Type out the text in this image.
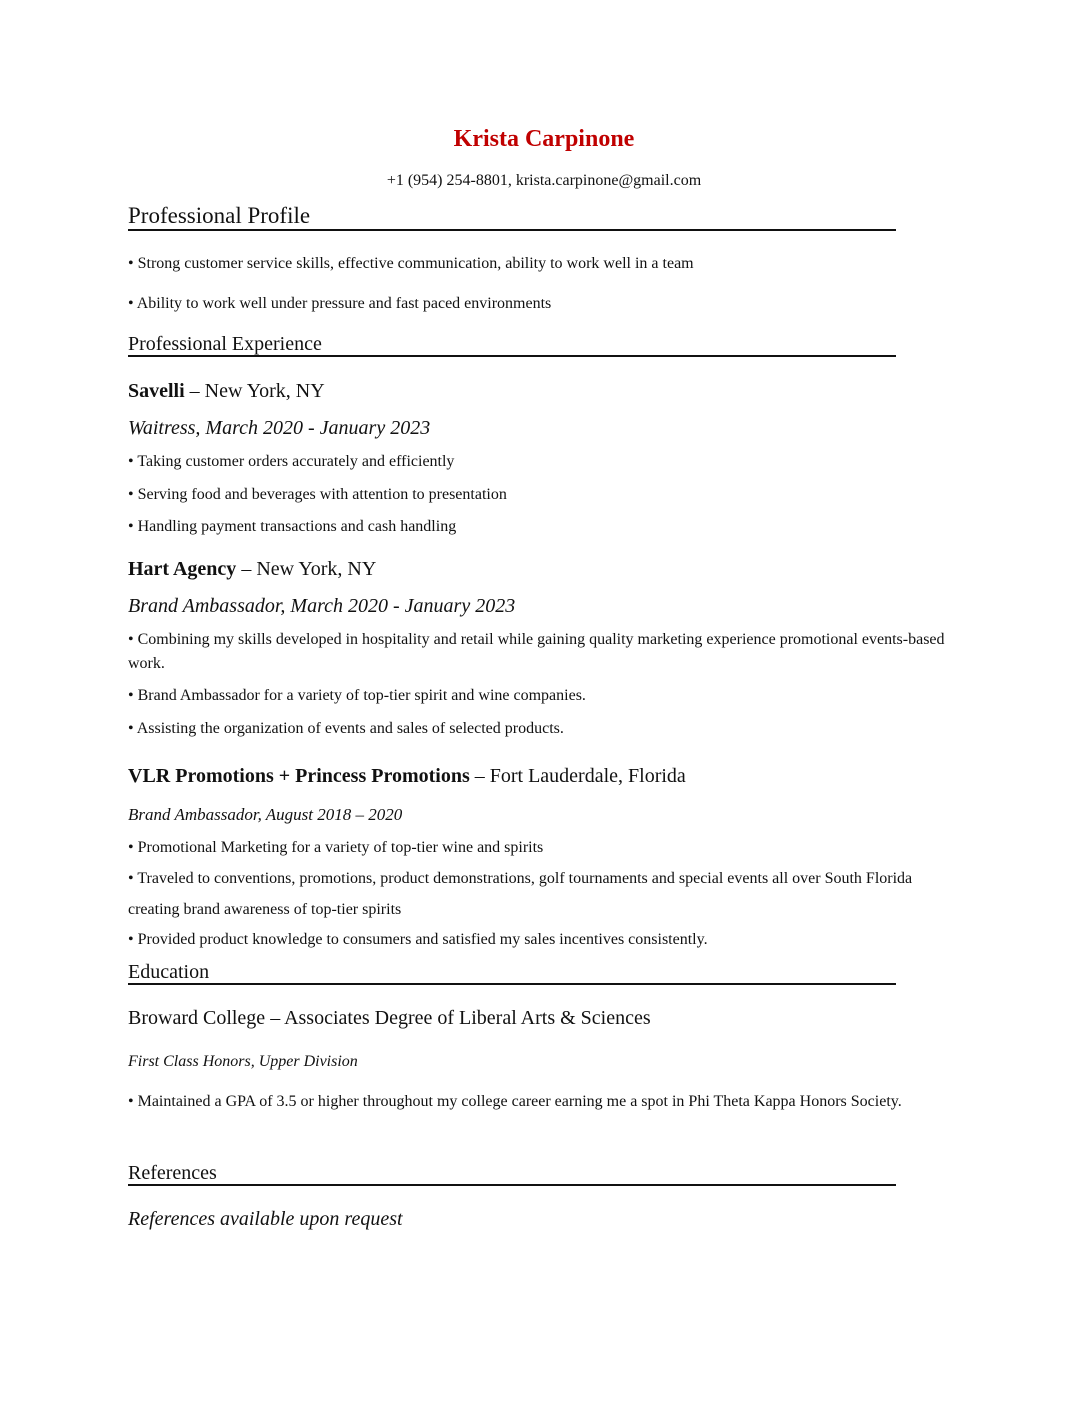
Krista Carpinone
+1 (954) 254-8801, krista.carpinone@gmail.com
Professional Profile
• Strong customer service skills, effective communication, ability to work well in a team
• Ability to work well under pressure and fast paced environments
Professional Experience
Savelli – New York, NY
Waitress, March 2020 - January 2023
• Taking customer orders accurately and efficiently
• Serving food and beverages with attention to presentation
• Handling payment transactions and cash handling
Hart Agency – New York, NY
Brand Ambassador, March 2020 - January 2023
• Combining my skills developed in hospitality and retail while gaining quality marketing experience promotional events-based work.
• Brand Ambassador for a variety of top-tier spirit and wine companies.
• Assisting the organization of events and sales of selected products.
VLR Promotions + Princess Promotions – Fort Lauderdale, Florida
Brand Ambassador, August 2018 – 2020
• Promotional Marketing for a variety of top-tier wine and spirits
• Traveled to conventions, promotions, product demonstrations, golf tournaments and special events all over South Florida creating brand awareness of top-tier spirits
• Provided product knowledge to consumers and satisfied my sales incentives consistently.
Education
Broward College – Associates Degree of Liberal Arts & Sciences
First Class Honors, Upper Division
• Maintained a GPA of 3.5 or higher throughout my college career earning me a spot in Phi Theta Kappa Honors Society.
References
References available upon request
